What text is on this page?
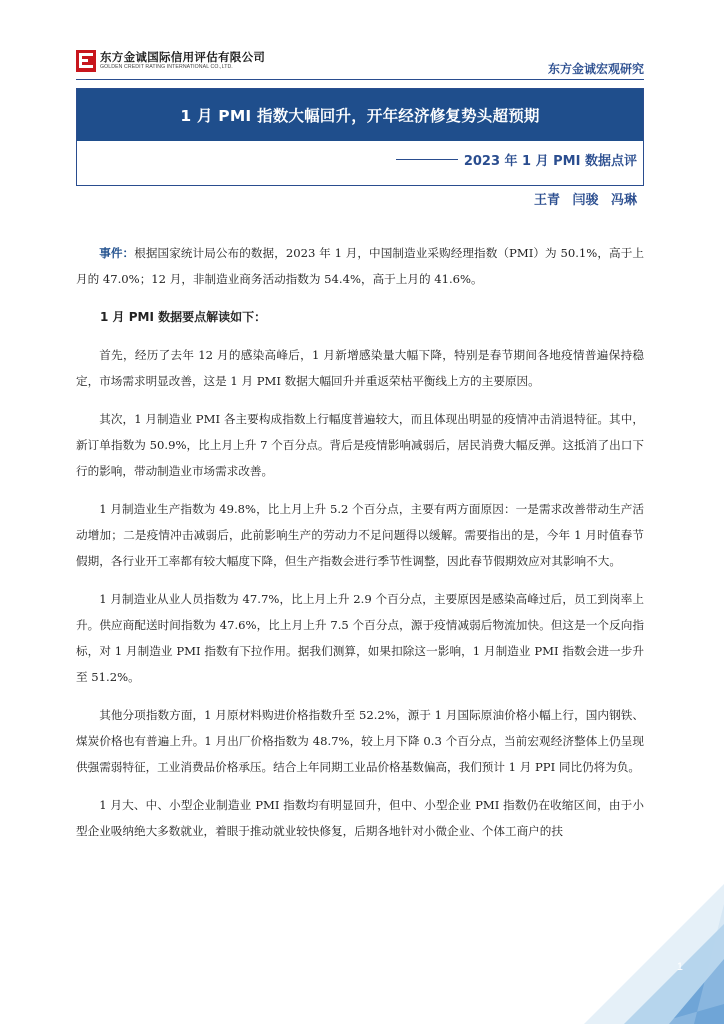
东方金诚国际信用评估有限公司
GOLDEN CREDIT RATING INTERNATIONAL CO.,LTD.	东方金诚宏观研究
1 月 PMI 指数大幅回升，开年经济修复势头超预期
2023 年 1 月 PMI 数据点评
王青 闫骏 冯琳

事件：根据国家统计局公布的数据，2023 年 1 月，中国制造业采购经理指数（PMI）为 50.1%，高于上月的 47.0%；12 月，非制造业商务活动指数为 54.4%，高于上月的 41.6%。

1 月 PMI 数据要点解读如下：

首先，经历了去年 12 月的感染高峰后，1 月新增感染量大幅下降，特别是春节期间各地疫情普遍保持稳定，市场需求明显改善，这是 1 月 PMI 数据大幅回升并重返荣枯平衡线上方的主要原因。

其次，1 月制造业 PMI 各主要构成指数上行幅度普遍较大，而且体现出明显的疫情冲击消退特征。其中，新订单指数为 50.9%，比上月上升 7 个百分点。背后是疫情影响减弱后，居民消费大幅反弹。这抵消了出口下行的影响，带动制造业市场需求改善。

1 月制造业生产指数为 49.8%，比上月上升 5.2 个百分点，主要有两方面原因：一是需求改善带动生产活动增加；二是疫情冲击减弱后，此前影响生产的劳动力不足问题得以缓解。需要指出的是，今年 1 月时值春节假期，各行业开工率都有较大幅度下降，但生产指数会进行季节性调整，因此春节假期效应对其影响不大。

1 月制造业从业人员指数为 47.7%，比上月上升 2.9 个百分点，主要原因是感染高峰过后，员工到岗率上升。供应商配送时间指数为 47.6%，比上月上升 7.5 个百分点，源于疫情减弱后物流加快。但这是一个反向指标，对 1 月制造业 PMI 指数有下拉作用。据我们测算，如果扣除这一影响，1 月制造业 PMI 指数会进一步升至 51.2%。

其他分项指数方面，1 月原材料购进价格指数升至 52.2%，源于 1 月国际原油价格小幅上行，国内钢铁、煤炭价格也有普遍上升。1 月出厂价格指数为 48.7%，较上月下降 0.3 个百分点，当前宏观经济整体上仍呈现供强需弱特征，工业消费品价格承压。结合上年同期工业品价格基数偏高，我们预计 1 月 PPI 同比仍将为负。

1 月大、中、小型企业制造业 PMI 指数均有明显回升，但中、小型企业 PMI 指数仍在收缩区间，由于小型企业吸纳绝大多数就业，着眼于推动就业较快修复，后期各地针对小微企业、个体工商户的扶

1
